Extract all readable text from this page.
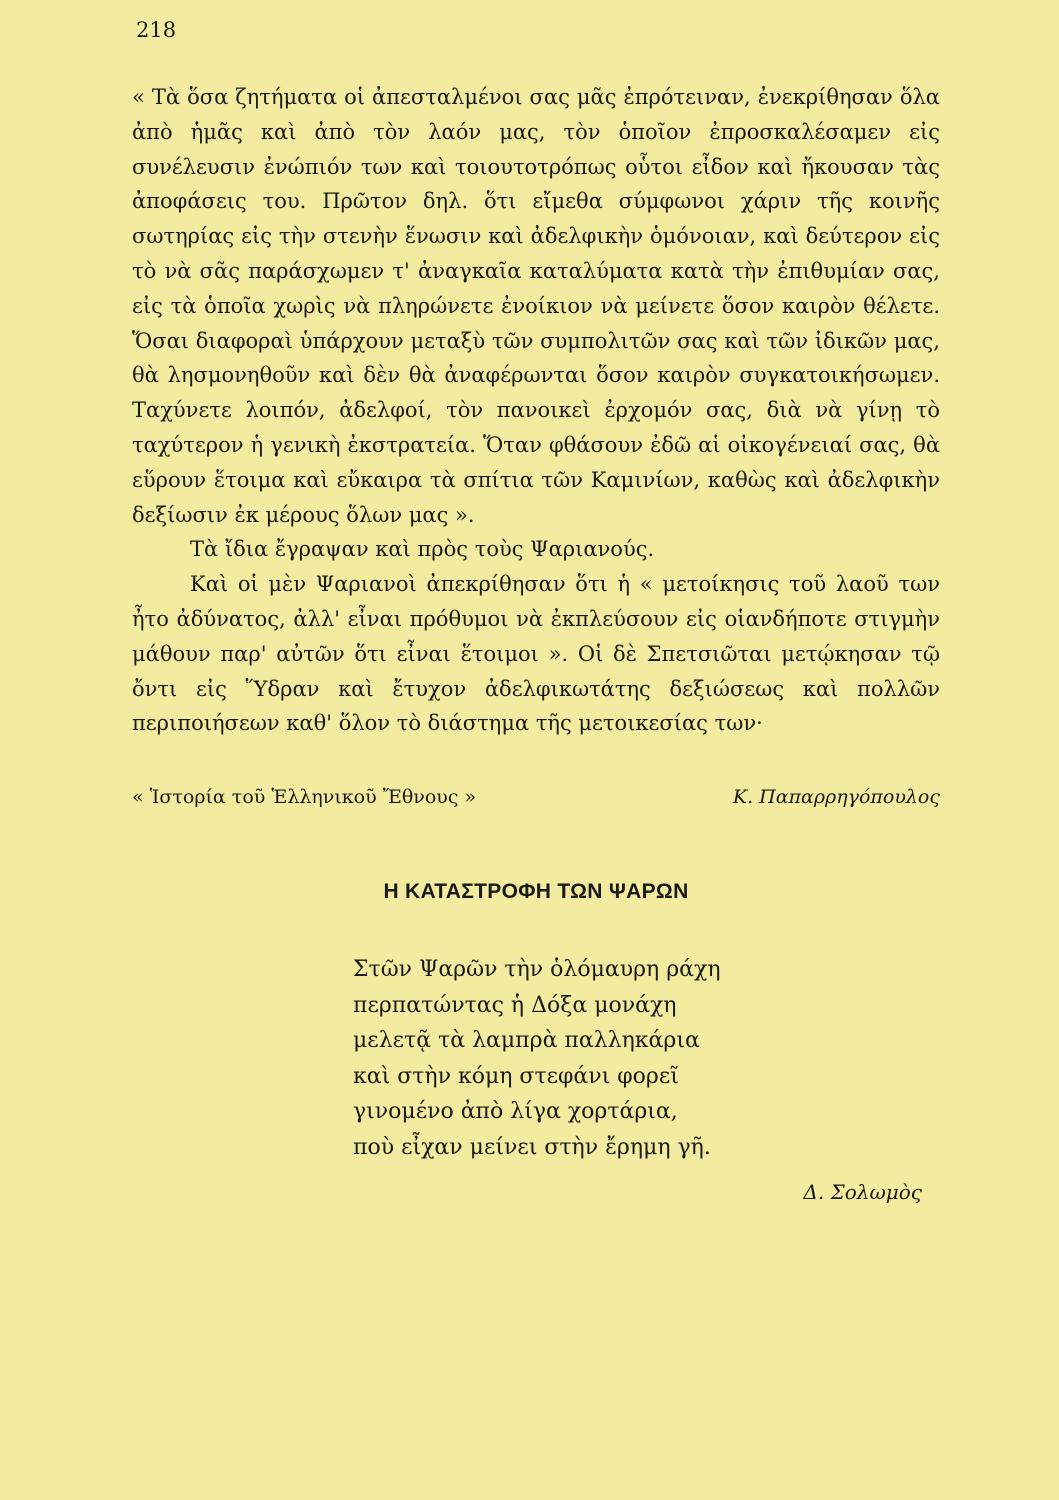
218

« Τὰ ὅσα ζητήματα οἱ ἀπεσταλμένοι σας μᾶς ἐπρότειναν, ἐνεκρίθησαν ὅλα ἀπὸ ἡμᾶς καὶ ἀπὸ τὸν λαόν μας, τὸν ὁποῖον ἐπροσκαλέσαμεν εἰς συνέλευσιν ἐνώπιόν των καὶ τοιουτοτρόπως οὗτοι εἶδον καὶ ἤκουσαν τὰς ἀποφάσεις του. Πρῶτον δηλ. ὅτι εἴμεθα σύμφωνοι χάριν τῆς κοινῆς σωτηρίας εἰς τὴν στενὴν ἕνωσιν καὶ ἀδελφικὴν ὁμόνοιαν, καὶ δεύτερον εἰς τὸ νὰ σᾶς παράσχωμεν τ' ἀναγκαῖα καταλύματα κατὰ τὴν ἐπιθυμίαν σας, εἰς τὰ ὁποῖα χωρὶς νὰ πληρώνετε ἐνοίκιον νὰ μείνετε ὅσον καιρὸν θέλετε. Ὅσαι διαφοραὶ ὑπάρχουν μεταξὺ τῶν συμπολιτῶν σας καὶ τῶν ἰδικῶν μας, θὰ λησμονηθοῦν καὶ δὲν θὰ ἀναφέρωνται ὅσον καιρὸν συγκατοικήσωμεν. Ταχύνετε λοιπόν, ἀδελφοί, τὸν πανοικεὶ ἐρχομόν σας, διὰ νὰ γίνῃ τὸ ταχύτερον ἡ γενικὴ ἐκστρατεία. Ὅταν φθάσουν ἐδῶ αἱ οἰκογένειαί σας, θὰ εὕρουν ἕτοιμα καὶ εὔκαιρα τὰ σπίτια τῶν Καμινίων, καθὼς καὶ ἀδελφικὴν δεξίωσιν ἐκ μέρους ὅλων μας ».

Τὰ ἴδια ἔγραψαν καὶ πρὸς τοὺς Ψαριανούς.

Καὶ οἱ μὲν Ψαριανοὶ ἀπεκρίθησαν ὅτι ἡ « μετοίκησις τοῦ λαοῦ των ἦτο ἀδύνατος, ἀλλ' εἶναι πρόθυμοι νὰ ἐκπλεύσουν εἰς οἱανδήποτε στιγμὴν μάθουν παρ' αὐτῶν ὅτι εἶναι ἕτοιμοι ». Οἱ δὲ Σπετσιῶται μετῴκησαν τῷ ὄντι εἰς Ὕδραν καὶ ἔτυχον ἀδελφικωτάτης δεξιώσεως καὶ πολλῶν περιποιήσεων καθ' ὅλον τὸ διάστημα τῆς μετοικεσίας των·

« Ἱστορία τοῦ Ἑλληνικοῦ Ἔθνους »	Κ. Παπαρρηγόπουλος
Η ΚΑΤΑΣΤΡΟΦΗ ΤΩΝ ΨΑΡΩΝ
Στῶν Ψαρῶν τὴν ὁλόμαυρη ράχη
περπατώντας ἡ Δόξα μονάχη
μελετᾷ τὰ λαμπρὰ παλληκάρια
καὶ στὴν κόμη στεφάνι φορεῖ
γινομένο ἀπὸ λίγα χορτάρια,
ποὺ εἶχαν μείνει στὴν ἔρημη γῆ.
Δ. Σολωμὸς
